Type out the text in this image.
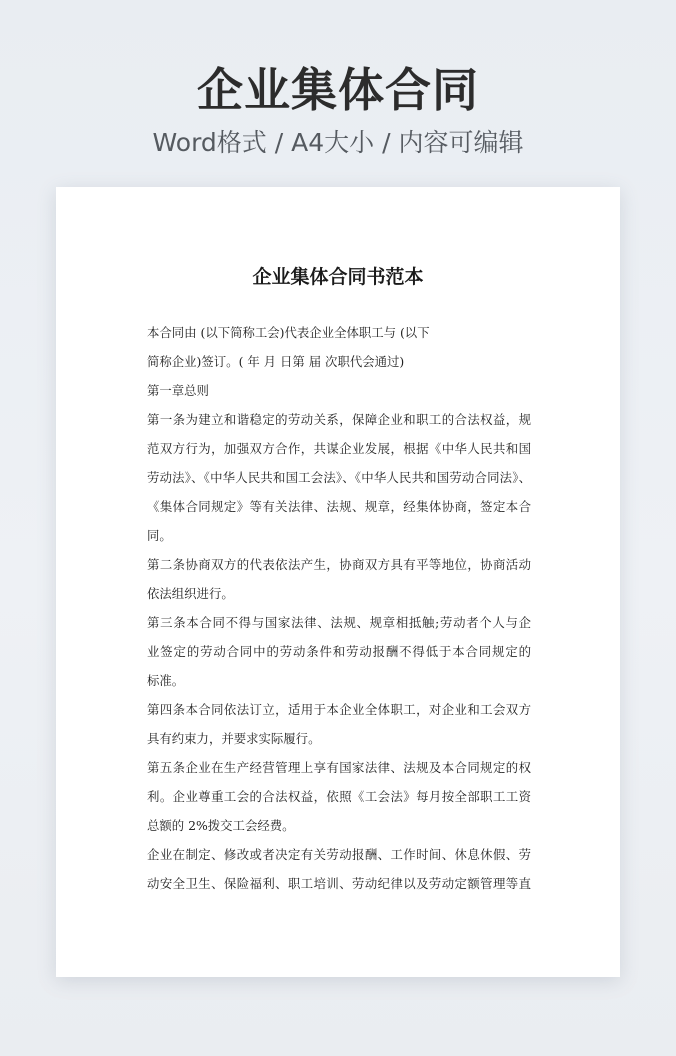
企业集体合同
Word格式 / A4大小 / 内容可编辑
企业集体合同书范本
本合同由 (以下简称工会)代表企业全体职工与 (以下
简称企业)签订。( 年 月 日第 届 次职代会通过)
第一章总则
第一条为建立和谐稳定的劳动关系，保障企业和职工的合法权益，规
范双方行为，加强双方合作，共谋企业发展，根据《中华人民共和国
劳动法》、《中华人民共和国工会法》、《中华人民共和国劳动合同法》、
《集体合同规定》等有关法律、法规、规章，经集体协商，签定本合
同。
第二条协商双方的代表依法产生，协商双方具有平等地位，协商活动
依法组织进行。
第三条本合同不得与国家法律、法规、规章相抵触;劳动者个人与企
业签定的劳动合同中的劳动条件和劳动报酬不得低于本合同规定的
标准。
第四条本合同依法订立，适用于本企业全体职工，对企业和工会双方
具有约束力，并要求实际履行。
第五条企业在生产经营管理上享有国家法律、法规及本合同规定的权
利。企业尊重工会的合法权益，依照《工会法》每月按全部职工工资
总额的 2%拨交工会经费。
企业在制定、修改或者决定有关劳动报酬、工作时间、休息休假、劳
动安全卫生、保险福利、职工培训、劳动纪律以及劳动定额管理等直
